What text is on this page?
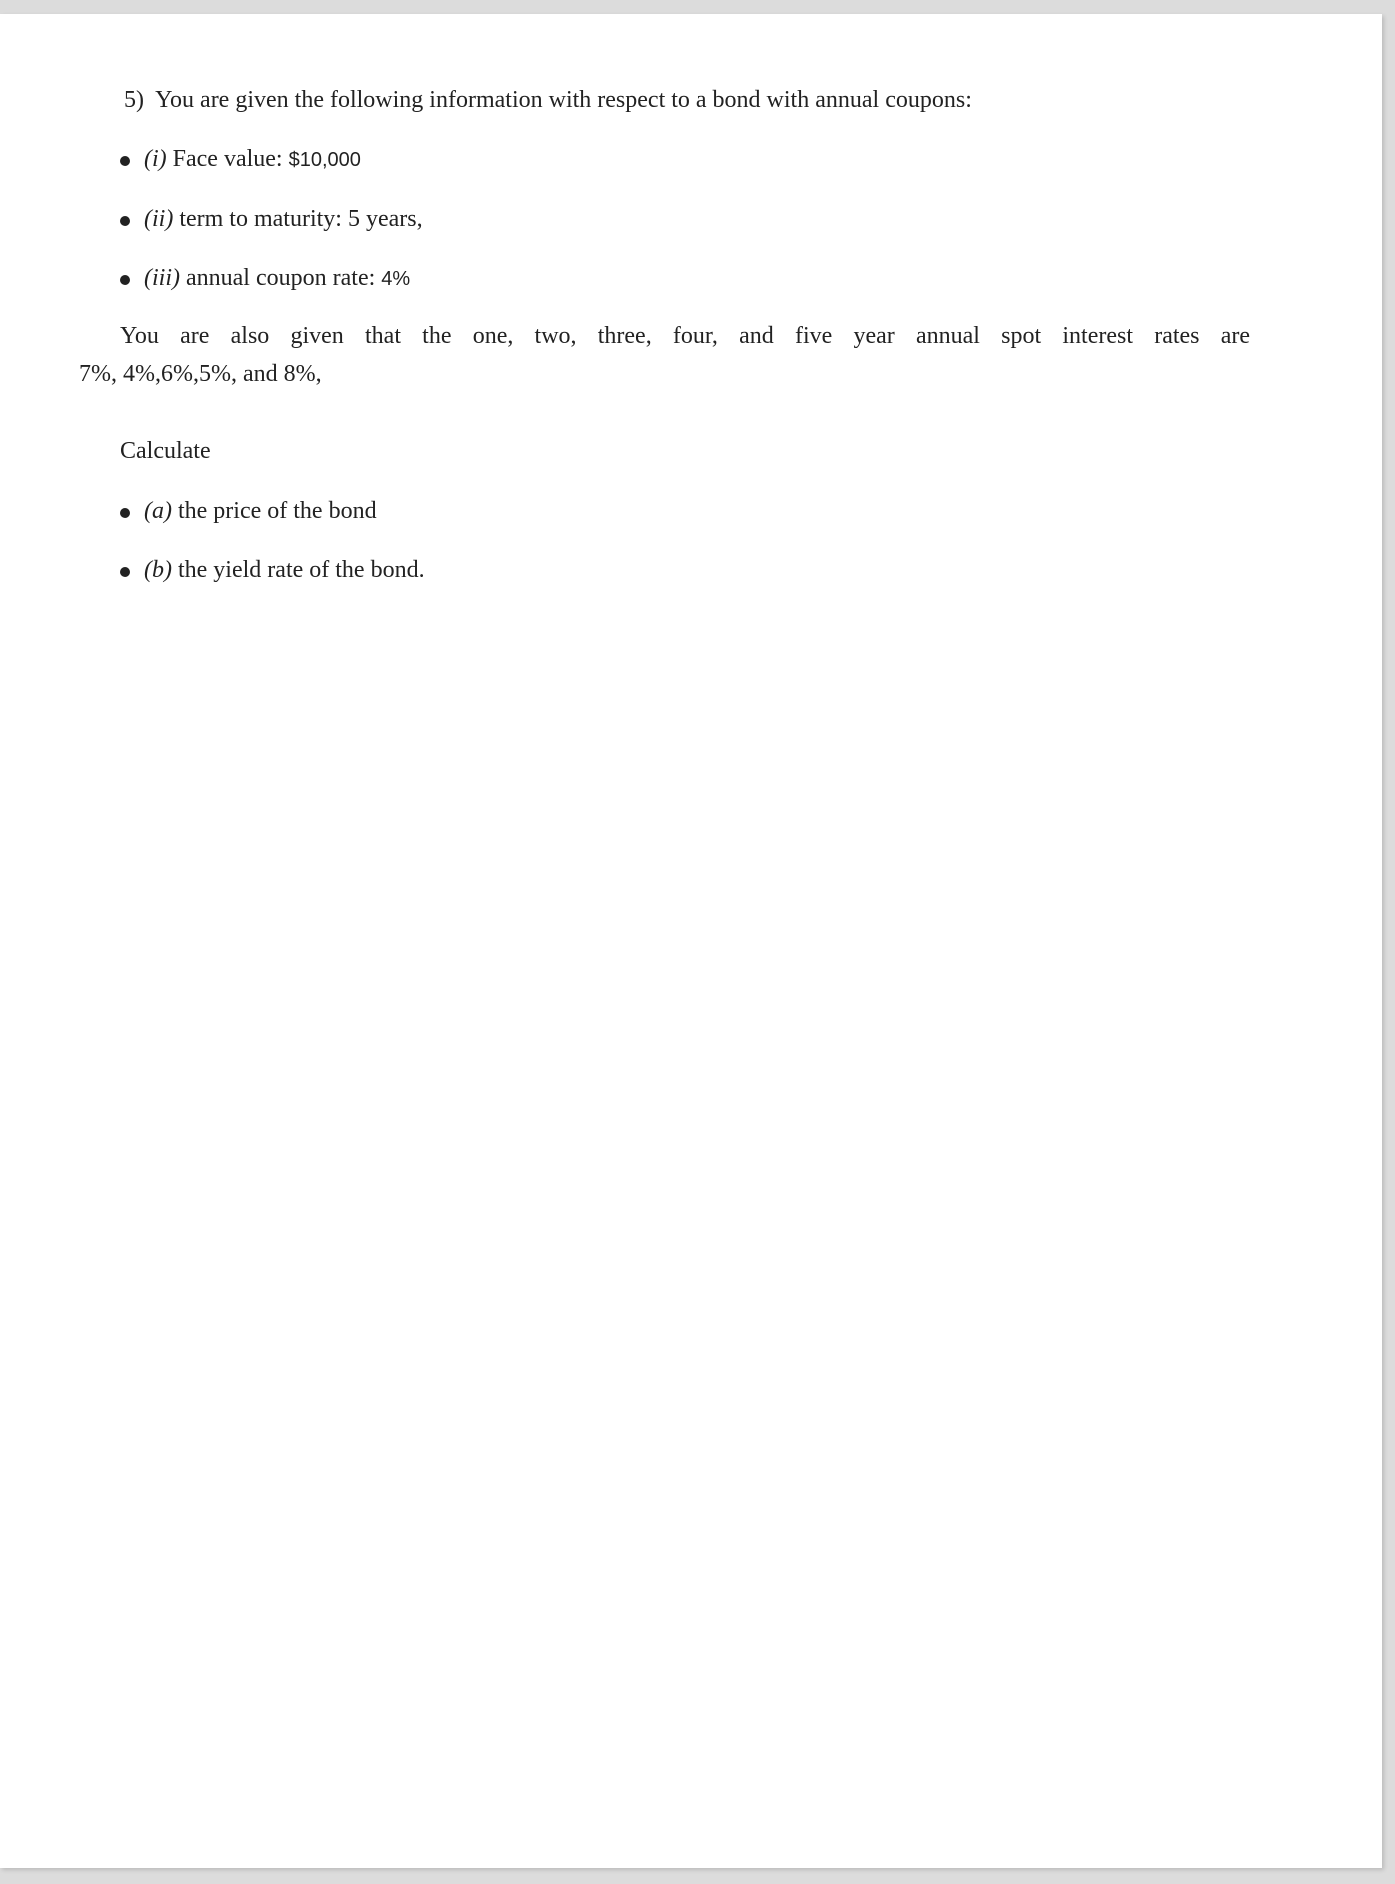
5) You are given the following information with respect to a bond with annual coupons:
(i) Face value: $10,000
(ii) term to maturity: 5 years,
(iii) annual coupon rate: 4%
You are also given that the one, two, three, four, and five year annual spot interest rates are
7%, 4%,6%,5%, and 8%,
Calculate
(a) the price of the bond
(b) the yield rate of the bond.
